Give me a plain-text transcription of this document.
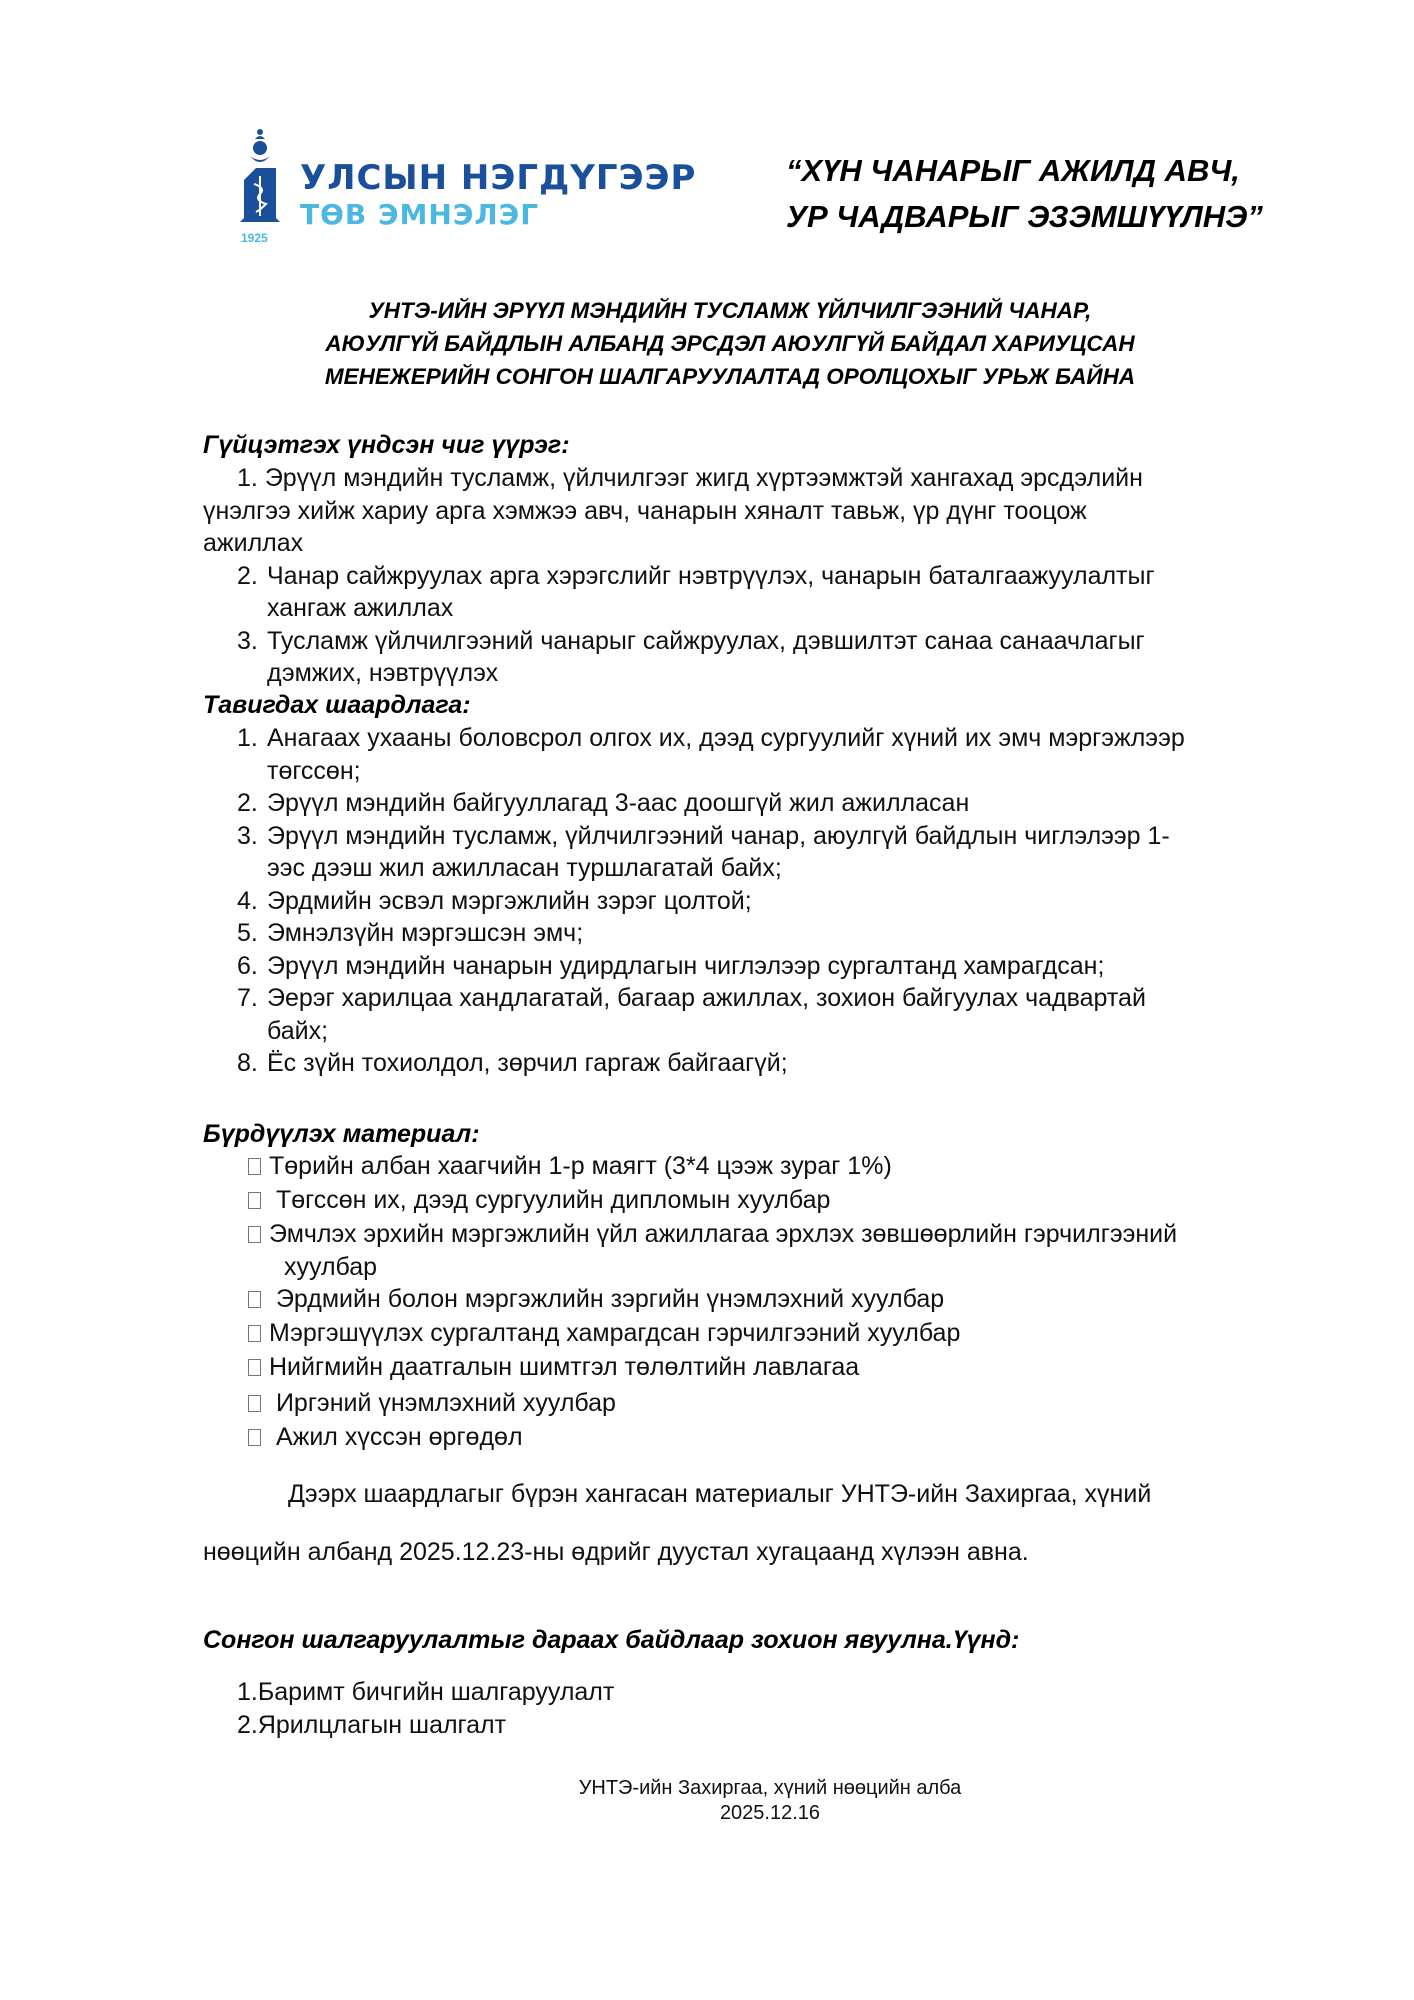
УЛСЫН НЭГДҮГЭЭР
ТӨВ ЭМНЭЛЭГ
1925
“ХҮН ЧАНАРЫГ АЖИЛД АВЧ,
УР ЧАДВАРЫГ ЭЗЭМШҮҮЛНЭ”
УНТЭ-ИЙН ЭРҮҮЛ МЭНДИЙН ТУСЛАМЖ ҮЙЛЧИЛГЭЭНИЙ ЧАНАР,
АЮУЛГҮЙ БАЙДЛЫН АЛБАНД ЭРСДЭЛ АЮУЛГҮЙ БАЙДАЛ ХАРИУЦСАН
МЕНЕЖЕРИЙН СОНГОН ШАЛГАРУУЛАЛТАД ОРОЛЦОХЫГ УРЬЖ БАЙНА
Гүйцэтгэх үндсэн чиг үүрэг:
1. Эрүүл мэндийн тусламж, үйлчилгээг жигд хүртээмжтэй хангахад эрсдэлийн
үнэлгээ хийж хариу арга хэмжээ авч, чанарын хяналт тавьж, үр дүнг тооцож
ажиллах
2. Чанар сайжруулах арга хэрэгслийг нэвтрүүлэх, чанарын баталгаажуулалтыг
хангаж ажиллах
3. Тусламж үйлчилгээний чанарыг сайжруулах, дэвшилтэт санаа санаачлагыг
дэмжих, нэвтрүүлэх
Тавигдах шаардлага:
1. Анагаах ухааны боловсрол олгох их, дээд сургуулийг хүний их эмч мэргэжлээр
төгссөн;
2. Эрүүл мэндийн байгууллагад 3-аас доошгүй жил ажилласан
3. Эрүүл мэндийн тусламж, үйлчилгээний чанар, аюулгүй байдлын чиглэлээр 1-
ээс дээш жил ажилласан туршлагатай байх;
4. Эрдмийн эсвэл мэргэжлийн зэрэг цолтой;
5. Эмнэлзүйн мэргэшсэн эмч;
6. Эрүүл мэндийн чанарын удирдлагын чиглэлээр сургалтанд хамрагдсан;
7. Эерэг харилцаа хандлагатай, багаар ажиллах, зохион байгуулах чадвартай
байх;
8. Ёс зүйн тохиолдол, зөрчил гаргаж байгаагүй;
Бүрдүүлэх материал:
Төрийн албан хаагчийн 1-р маягт (3*4 цээж зураг 1%)
Төгссөн их, дээд сургуулийн дипломын хуулбар
Эмчлэх эрхийн мэргэжлийн үйл ажиллагаа эрхлэх зөвшөөрлийн гэрчилгээний
хуулбар
Эрдмийн болон мэргэжлийн зэргийн үнэмлэхний хуулбар
Мэргэшүүлэх сургалтанд хамрагдсан гэрчилгээний хуулбар
Нийгмийн даатгалын шимтгэл төлөлтийн лавлагаа
Иргэний үнэмлэхний хуулбар
Ажил хүссэн өргөдөл
Дээрх шаардлагыг бүрэн хангасан материалыг УНТЭ-ийн Захиргаа, хүний
нөөцийн албанд 2025.12.23-ны өдрийг дуустал хугацаанд хүлээн авна.
Сонгон шалгаруулалтыг дараах байдлаар зохион явуулна.Үүнд:
1.Баримт бичгийн шалгаруулалт
2.Ярилцлагын шалгалт
УНТЭ-ийн Захиргаа, хүний нөөцийн алба
2025.12.16
